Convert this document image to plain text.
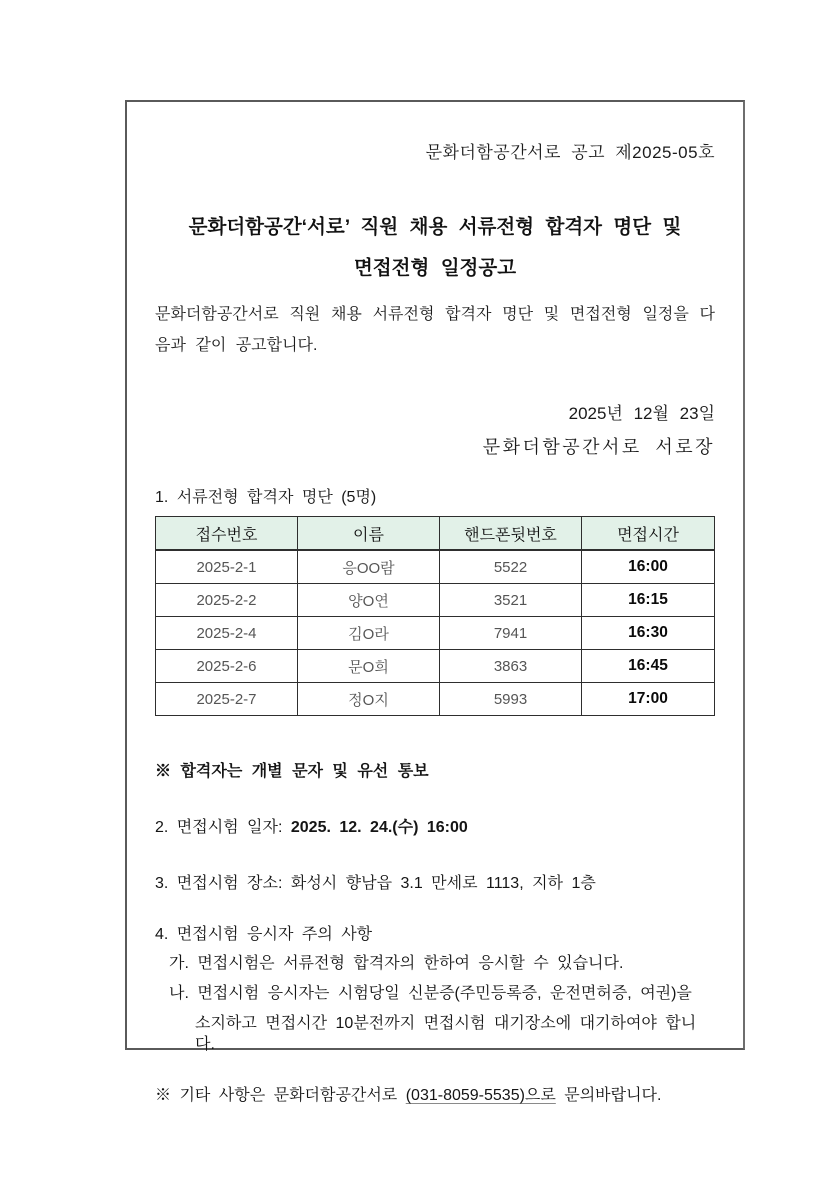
문화더함공간서로 공고 제2025-05호
문화더함공간‘서로’ 직원 채용 서류전형 합격자 명단 및
면접전형 일정공고
문화더함공간서로 직원 채용 서류전형 합격자 명단 및 면접전형 일정을 다음과 같이 공고합니다.
2025년 12월 23일
문화더함공간서로 서로장
1. 서류전형 합격자 명단 (5명)
접수번호	이름	핸드폰뒷번호	면접시간
2025-2-1	응OO람	5522	16:00
2025-2-2	양O연	3521	16:15
2025-2-4	김O라	7941	16:30
2025-2-6	문O희	3863	16:45
2025-2-7	정O지	5993	17:00
※ 합격자는 개별 문자 및 유선 통보
2. 면접시험 일자: 2025. 12. 24.(수) 16:00
3. 면접시험 장소: 화성시 향남읍 3.1 만세로 1113, 지하 1층
4. 면접시험 응시자 주의 사항
가. 면접시험은 서류전형 합격자의 한하여 응시할 수 있습니다.
나. 면접시험 응시자는 시험당일 신분증(주민등록증, 운전면허증, 여권)을
소지하고 면접시간 10분전까지 면접시험 대기장소에 대기하여야 합니다.
※ 기타 사항은 문화더함공간서로 (031-8059-5535)으로 문의바랍니다.
